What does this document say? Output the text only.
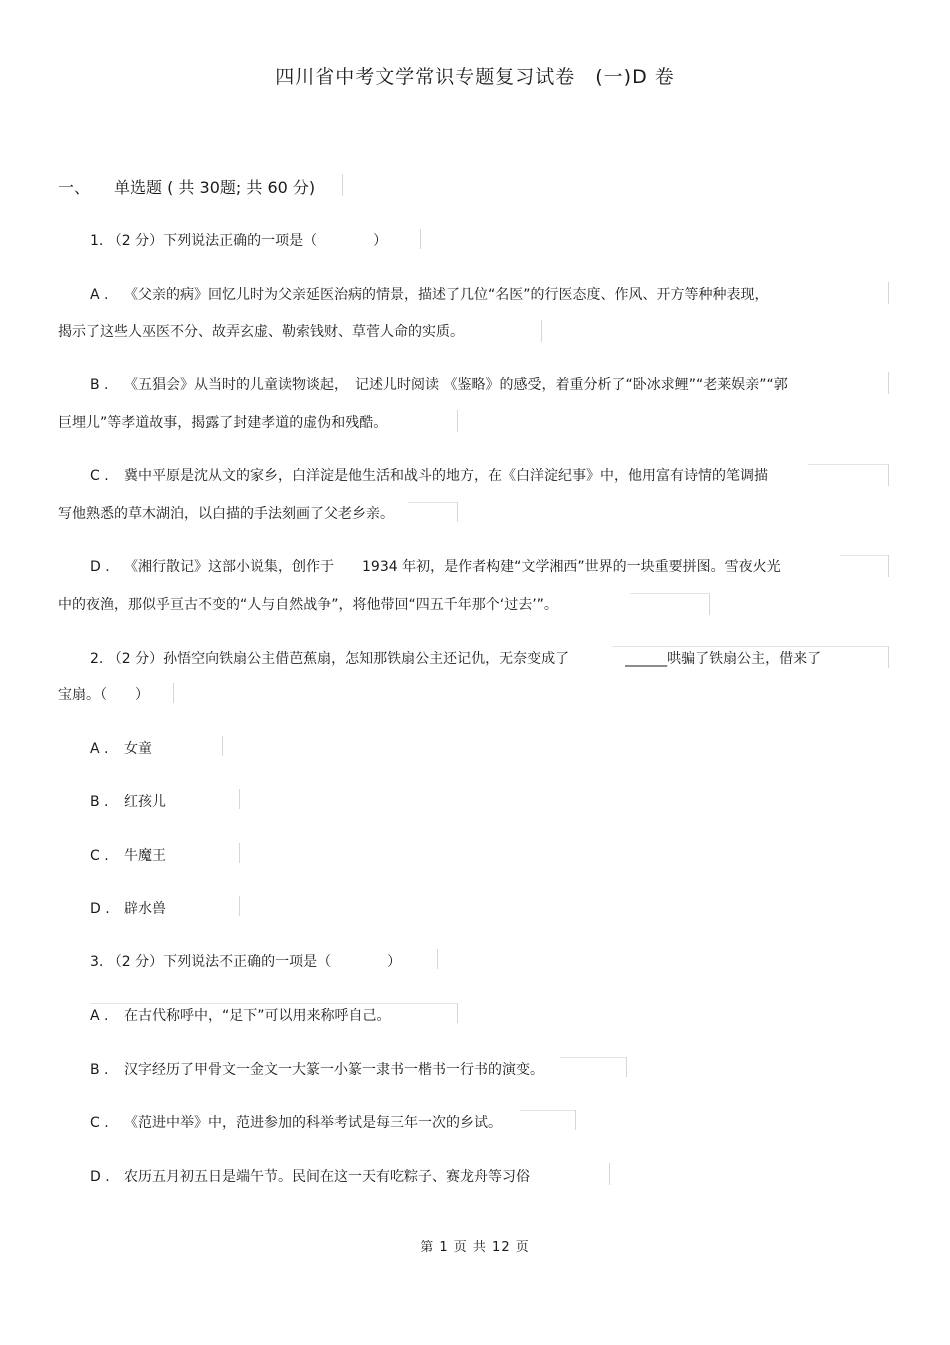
四川省中考文学常识专题复习试卷　(一)D 卷
一、 单选题 ( 共 30题; 共 60 分)
1. （2 分）下列说法正确的一项是（　　　　）
A . 《父亲的病》回忆儿时为父亲延医治病的情景，描述了几位“名医”的行医态度、作风、开方等种种表现，
揭示了这些人巫医不分、故弄玄虚、勒索钱财、草菅人命的实质。
B . 《五猖会》从当时的儿童读物谈起，　记述儿时阅读 《鉴略》的感受，着重分析了“卧冰求鲤”“老莱娱亲”“郭
巨埋儿”等孝道故事，揭露了封建孝道的虚伪和残酷。
C . 冀中平原是沈从文的家乡，白洋淀是他生活和战斗的地方，在《白洋淀纪事》中，他用富有诗情的笔调描
写他熟悉的草木湖泊，以白描的手法刻画了父老乡亲。
D . 《湘行散记》这部小说集，创作于　　1934 年初，是作者构建“文学湘西”世界的一块重要拼图。雪夜火光
中的夜渔，那似乎亘古不变的“人与自然战争”，将他带回“四五千年那个‘过去’”。
2. （2 分）孙悟空向铁扇公主借芭蕉扇，怎知那铁扇公主还记仇，无奈变成了　　　　______哄骗了铁扇公主，借来了
宝扇。（　　）
A . 女童
B . 红孩儿
C . 牛魔王
D . 辟水兽
3. （2 分）下列说法不正确的一项是（　　　　）
A . 在古代称呼中，“足下”可以用来称呼自己。
B . 汉字经历了甲骨文一金文一大篆一小篆一隶书一楷书一行书的演变。
C . 《范进中举》中，范进参加的科举考试是每三年一次的乡试。
D . 农历五月初五日是端午节。民间在这一天有吃粽子、赛龙舟等习俗
第 1 页 共 12 页
